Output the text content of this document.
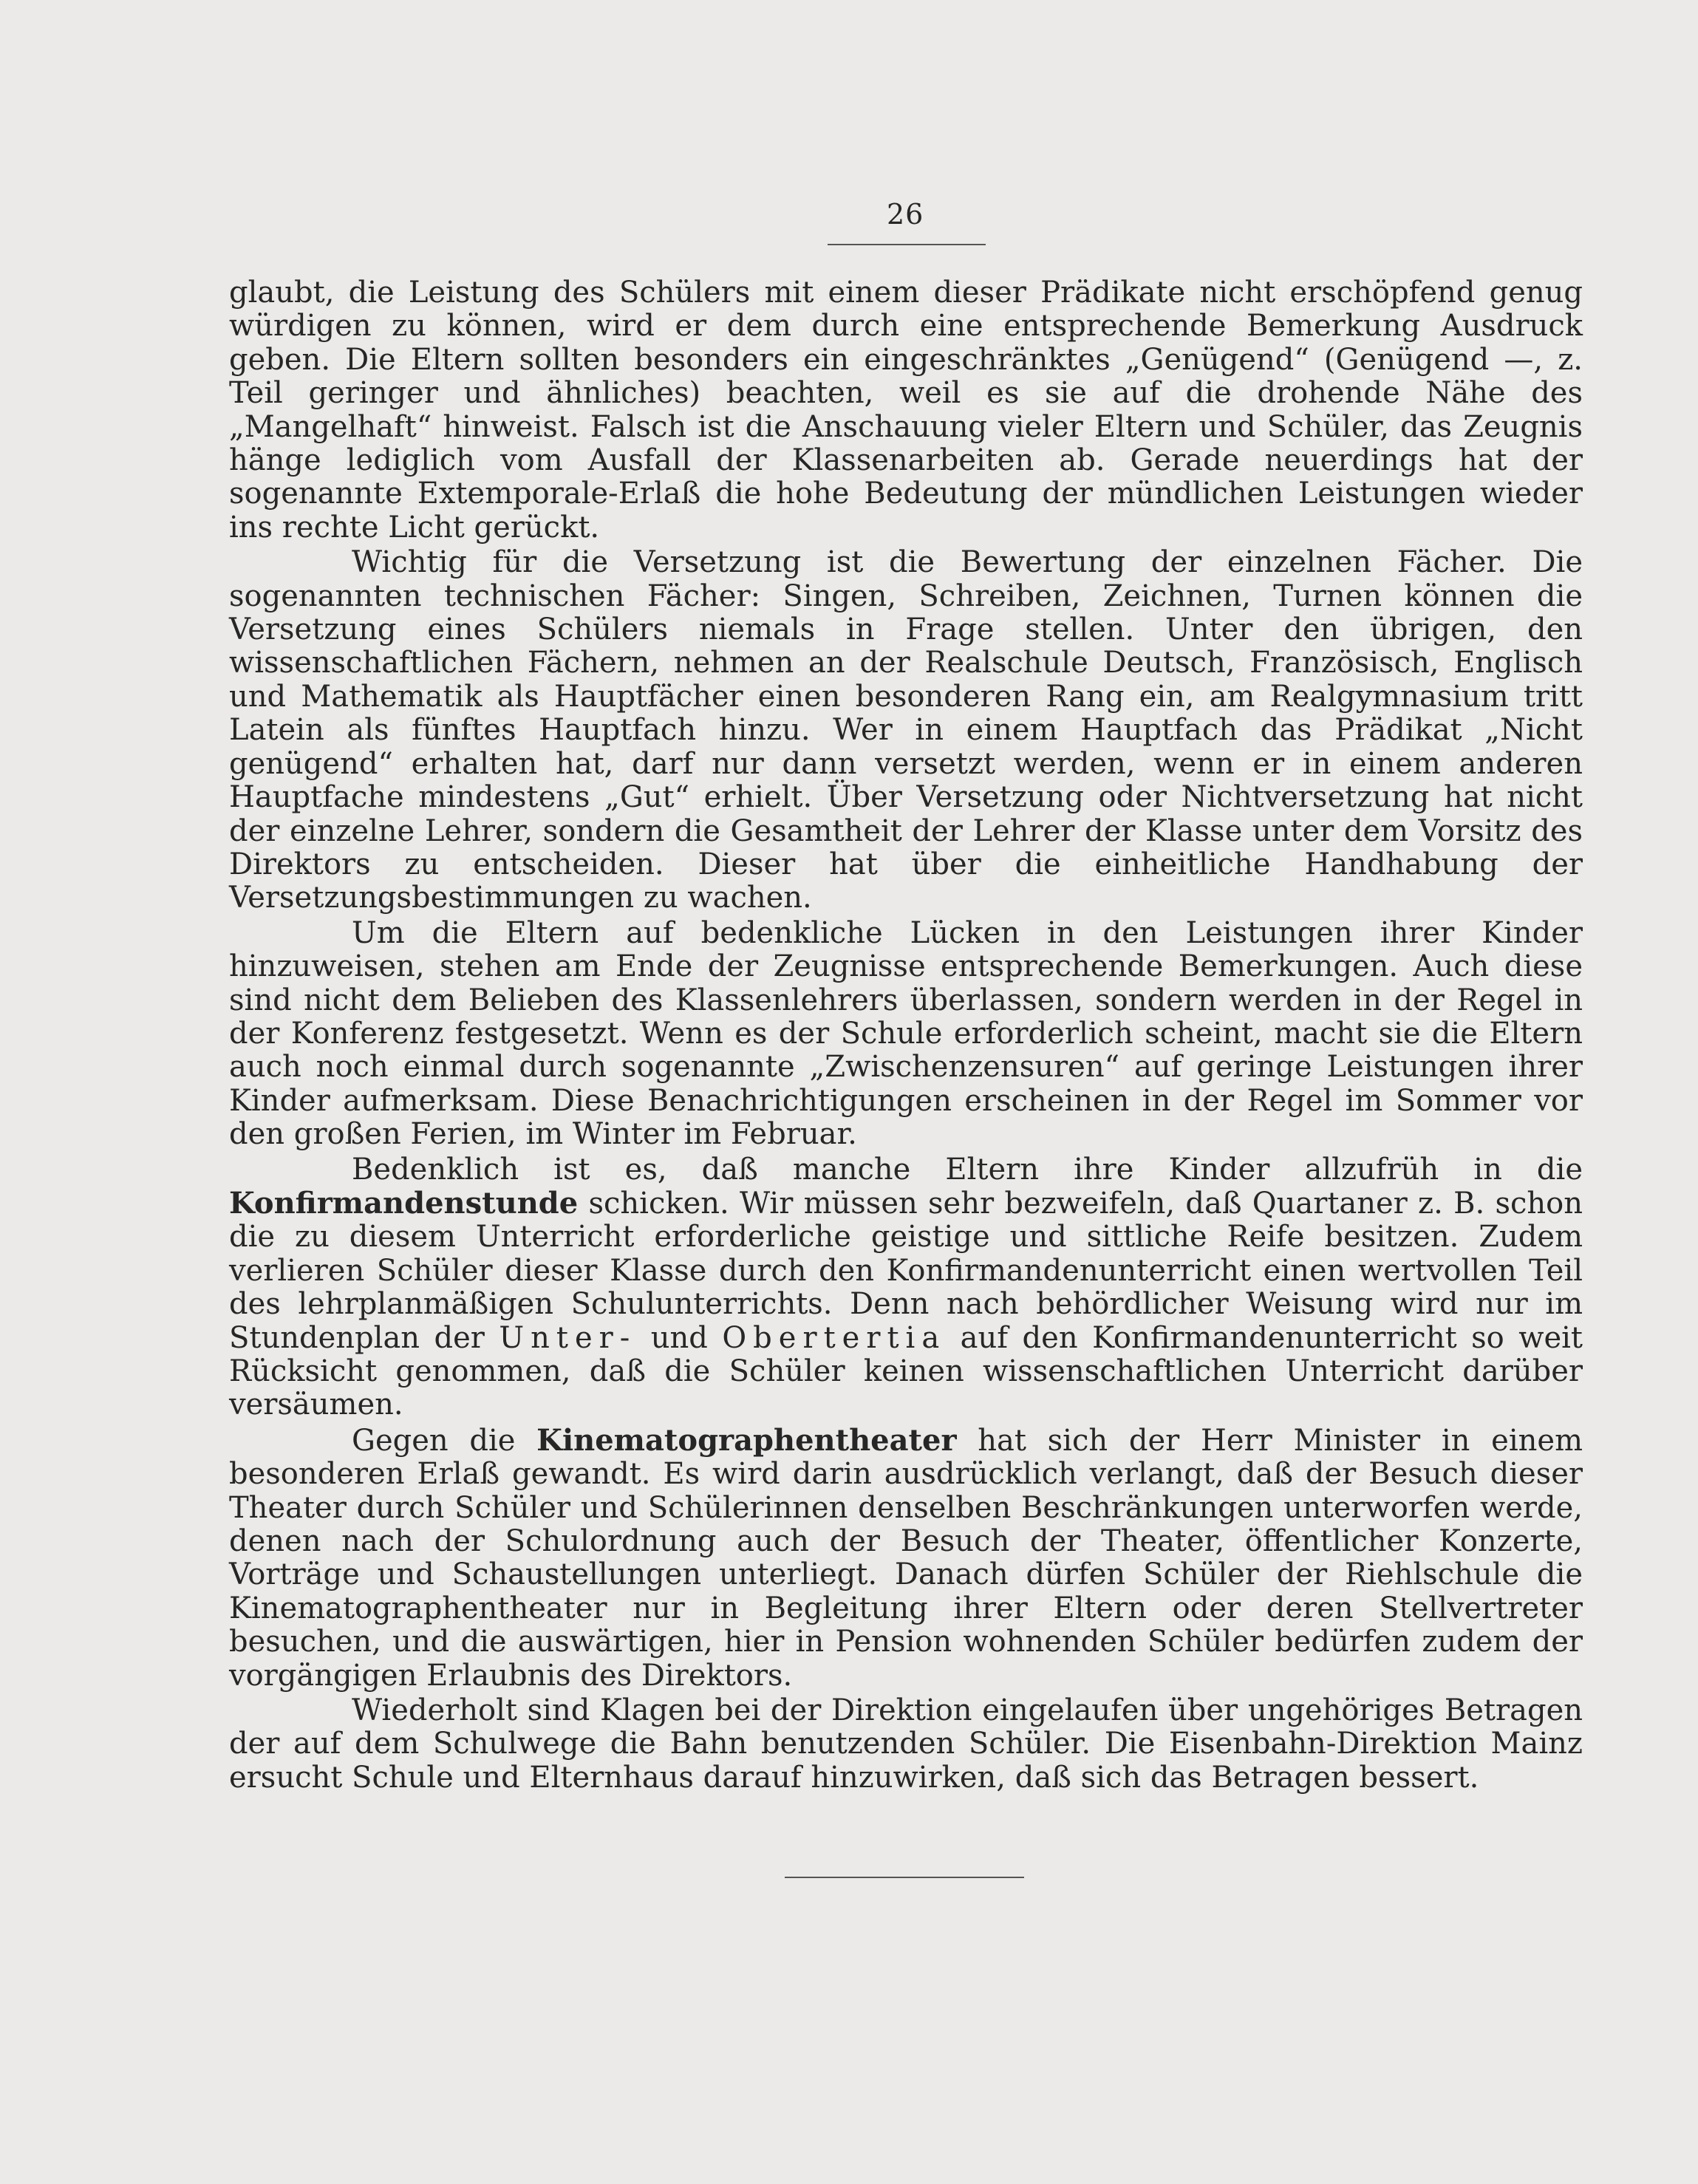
26

glaubt, die Leistung des Schülers mit einem dieser Prädikate nicht erschöpfend genug würdigen zu können, wird er dem durch eine entsprechende Bemerkung Ausdruck geben. Die Eltern sollten besonders ein eingeschränktes „Genügend“ (Genügend —, z. Teil geringer und ähnliches) beachten, weil es sie auf die drohende Nähe des „Mangelhaft“ hinweist. Falsch ist die Anschauung vieler Eltern und Schüler, das Zeugnis hänge lediglich vom Ausfall der Klassenarbeiten ab. Gerade neuerdings hat der sogenannte Extemporale-Erlaß die hohe Bedeutung der mündlichen Leistungen wieder ins rechte Licht gerückt.

Wichtig für die Versetzung ist die Bewertung der einzelnen Fächer. Die sogenannten technischen Fächer: Singen, Schreiben, Zeichnen, Turnen können die Versetzung eines Schülers niemals in Frage stellen. Unter den übrigen, den wissenschaftlichen Fächern, nehmen an der Realschule Deutsch, Französisch, Englisch und Mathematik als Hauptfächer einen besonderen Rang ein, am Realgymnasium tritt Latein als fünftes Hauptfach hinzu. Wer in einem Hauptfach das Prädikat „Nicht genügend“ erhalten hat, darf nur dann versetzt werden, wenn er in einem anderen Hauptfache mindestens „Gut“ erhielt. Über Versetzung oder Nichtversetzung hat nicht der einzelne Lehrer, sondern die Gesamtheit der Lehrer der Klasse unter dem Vorsitz des Direktors zu entscheiden. Dieser hat über die einheitliche Handhabung der Versetzungsbestimmungen zu wachen.

Um die Eltern auf bedenkliche Lücken in den Leistungen ihrer Kinder hinzuweisen, stehen am Ende der Zeugnisse entsprechende Bemerkungen. Auch diese sind nicht dem Belieben des Klassenlehrers überlassen, sondern werden in der Regel in der Konferenz festgesetzt. Wenn es der Schule erforderlich scheint, macht sie die Eltern auch noch einmal durch sogenannte „Zwischenzensuren“ auf geringe Leistungen ihrer Kinder aufmerksam. Diese Benachrichtigungen erscheinen in der Regel im Sommer vor den großen Ferien, im Winter im Februar.

Bedenklich ist es, daß manche Eltern ihre Kinder allzufrüh in die Konfirmandenstunde schicken. Wir müssen sehr bezweifeln, daß Quartaner z. B. schon die zu diesem Unterricht erforderliche geistige und sittliche Reife besitzen. Zudem verlieren Schüler dieser Klasse durch den Konfirmandenunterricht einen wertvollen Teil des lehrplanmäßigen Schulunterrichts. Denn nach behördlicher Weisung wird nur im Stundenplan der Unter- und Obertertia auf den Konfirmandenunterricht so weit Rücksicht genommen, daß die Schüler keinen wissenschaftlichen Unterricht darüber versäumen.

Gegen die Kinematographentheater hat sich der Herr Minister in einem besonderen Erlaß gewandt. Es wird darin ausdrücklich verlangt, daß der Besuch dieser Theater durch Schüler und Schülerinnen denselben Beschränkungen unterworfen werde, denen nach der Schulordnung auch der Besuch der Theater, öffentlicher Konzerte, Vorträge und Schaustellungen unterliegt. Danach dürfen Schüler der Riehlschule die Kinematographentheater nur in Begleitung ihrer Eltern oder deren Stellvertreter besuchen, und die auswärtigen, hier in Pension wohnenden Schüler bedürfen zudem der vorgängigen Erlaubnis des Direktors.

Wiederholt sind Klagen bei der Direktion eingelaufen über ungehöriges Betragen der auf dem Schulwege die Bahn benutzenden Schüler. Die Eisenbahn-Direktion Mainz ersucht Schule und Elternhaus darauf hinzuwirken, daß sich das Betragen bessert.
